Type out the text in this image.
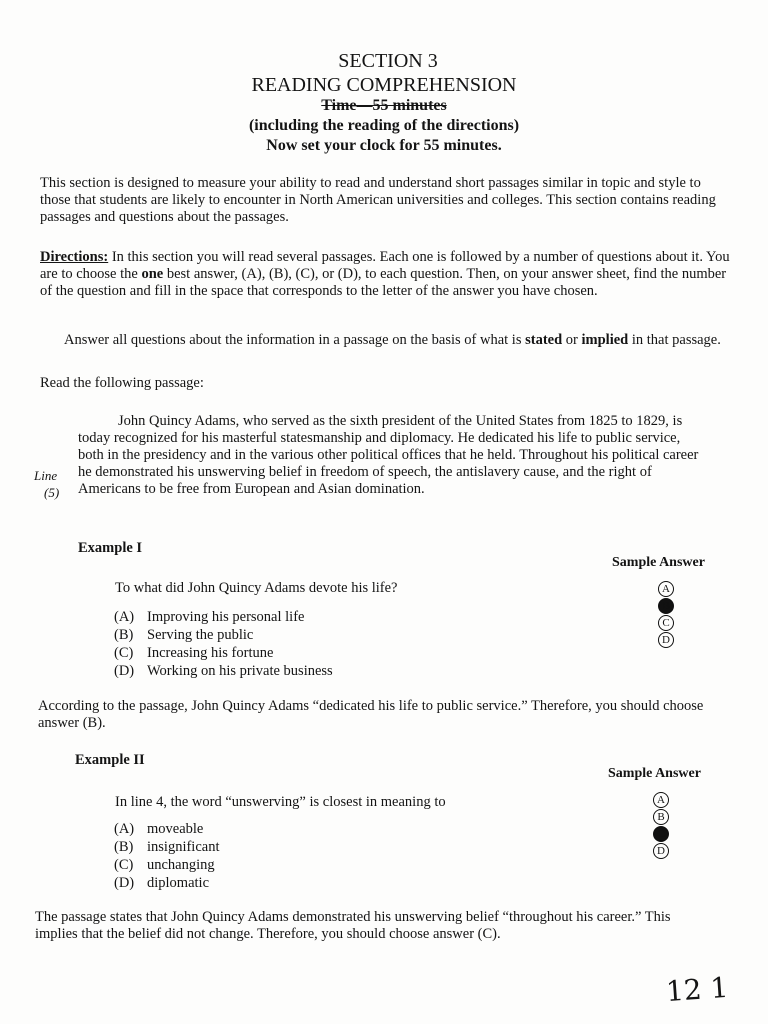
SECTION 3
READING COMPREHENSION
Time—55 minutes
(including the reading of the directions)
Now set your clock for 55 minutes.

This section is designed to measure your ability to read and understand short passages similar in topic and style to those that students are likely to encounter in North American universities and colleges. This section contains reading passages and questions about the passages.

Directions: In this section you will read several passages. Each one is followed by a number of questions about it. You are to choose the one best answer, (A), (B), (C), or (D), to each question. Then, on your answer sheet, find the number of the question and fill in the space that corresponds to the letter of the answer you have chosen.

Answer all questions about the information in a passage on the basis of what is stated or implied in that passage.

Read the following passage:

John Quincy Adams, who served as the sixth president of the United States from 1825 to 1829, is today recognized for his masterful statesmanship and diplomacy. He dedicated his life to public service, both in the presidency and in the various other political offices that he held. Throughout his political career he demonstrated his unswerving belief in freedom of speech, the antislavery cause, and the right of Americans to be free from European and Asian domination.

Line
(5)
Example I
Sample Answer
To what did John Quincy Adams devote his life?
(A) Improving his personal life
(B) Serving the public
(C) Increasing his fortune
(D) Working on his private business
A
B
C
D
According to the passage, John Quincy Adams “dedicated his life to public service.” Therefore, you should choose answer (B).
Example II
Sample Answer
In line 4, the word “unswerving” is closest in meaning to
(A) moveable
(B) insignificant
(C) unchanging
(D) diplomatic
A
B
C
D
The passage states that John Quincy Adams demonstrated his unswerving belief “throughout his career.” This implies that the belief did not change. Therefore, you should choose answer (C).
12 1
